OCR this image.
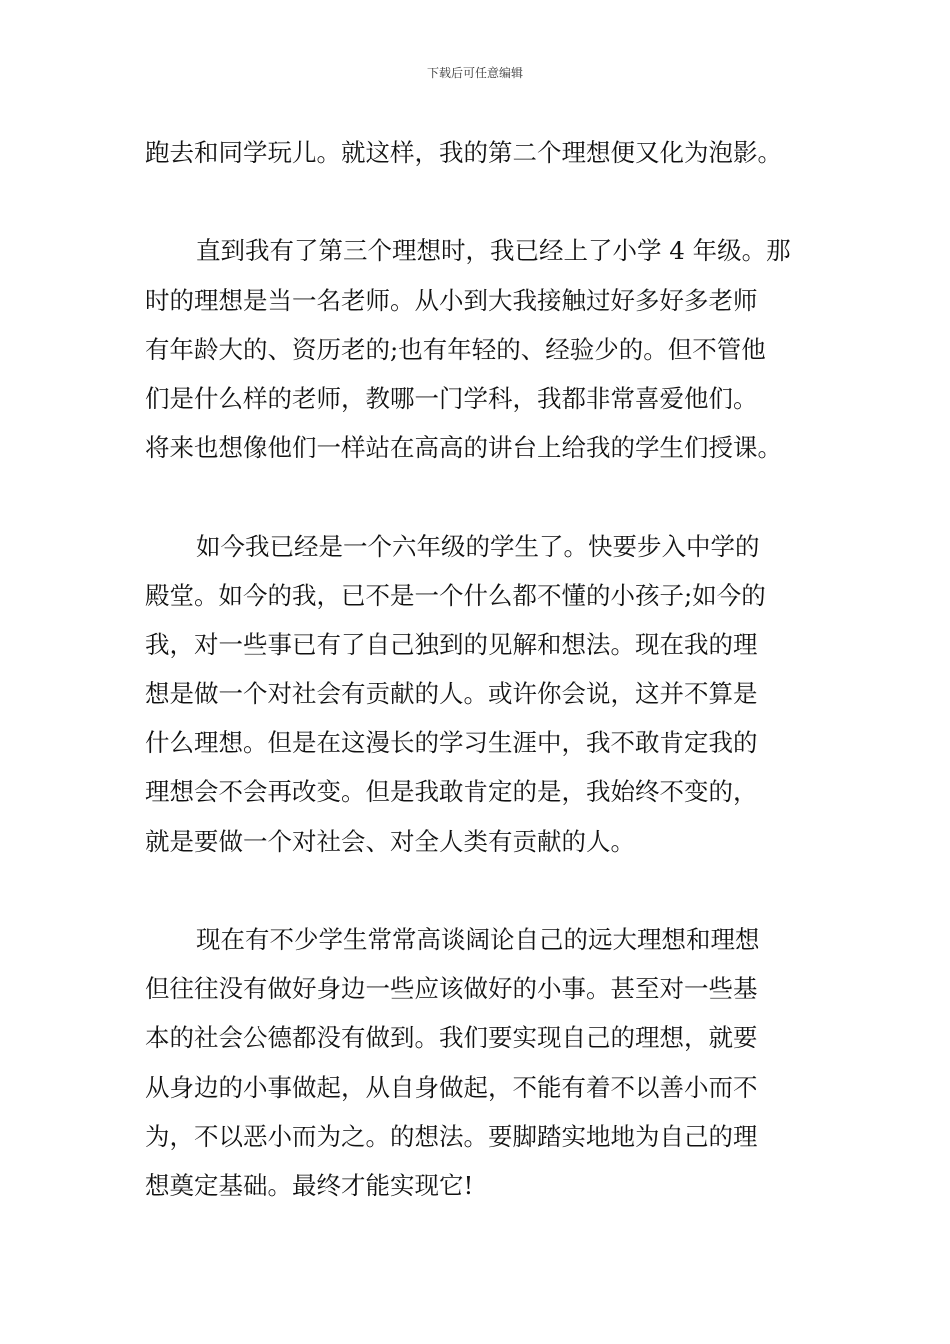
下载后可任意编辑

跑去和同学玩儿。就这样，我的第二个理想便又化为泡影。

直到我有了第三个理想时，我已经上了小学 4 年级。那
时的理想是当一名老师。从小到大我接触过好多好多老师
有年龄大的、资历老的;也有年轻的、经验少的。但不管他
们是什么样的老师，教哪一门学科，我都非常喜爱他们。
将来也想像他们一样站在高高的讲台上给我的学生们授课。

如今我已经是一个六年级的学生了。快要步入中学的
殿堂。如今的我，已不是一个什么都不懂的小孩子;如今的
我，对一些事已有了自己独到的见解和想法。现在我的理
想是做一个对社会有贡献的人。或许你会说，这并不算是
什么理想。但是在这漫长的学习生涯中，我不敢肯定我的
理想会不会再改变。但是我敢肯定的是，我始终不变的，
就是要做一个对社会、对全人类有贡献的人。

现在有不少学生常常高谈阔论自己的远大理想和理想
但往往没有做好身边一些应该做好的小事。甚至对一些基
本的社会公德都没有做到。我们要实现自己的理想，就要
从身边的小事做起，从自身做起，不能有着不以善小而不
为，不以恶小而为之。的想法。要脚踏实地地为自己的理
想奠定基础。最终才能实现它!
